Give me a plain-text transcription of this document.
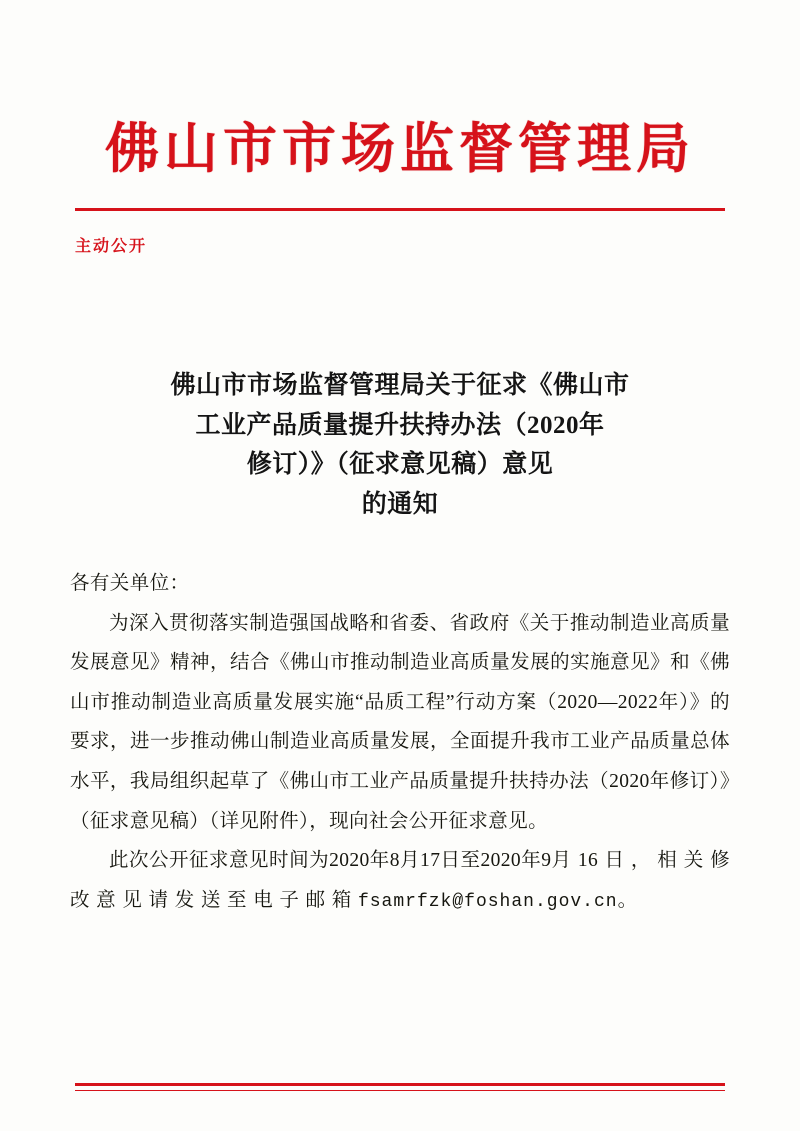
佛山市市场监督管理局
主动公开
佛山市市场监督管理局关于征求《佛山市
工业产品质量提升扶持办法（2020年
修订）》（征求意见稿）意见
的通知
各有关单位：
为深入贯彻落实制造强国战略和省委、省政府《关于推动制造业高质量发展意见》精神，结合《佛山市推动制造业高质量发展的实施意见》和《佛山市推动制造业高质量发展实施“品质工程”行动方案（2020—2022年）》的要求，进一步推动佛山制造业高质量发展，全面提升我市工业产品质量总体水平，我局组织起草了《佛山市工业产品质量提升扶持办法（2020年修订）》（征求意见稿）（详见附件），现向社会公开征求意见。
此次公开征求意见时间为2020年8月17日至2020年9月 16 日 ， 相 关 修 改 意 见 请 发 送 至 电 子 邮 箱 fsamrfzk@foshan.gov.cn。
